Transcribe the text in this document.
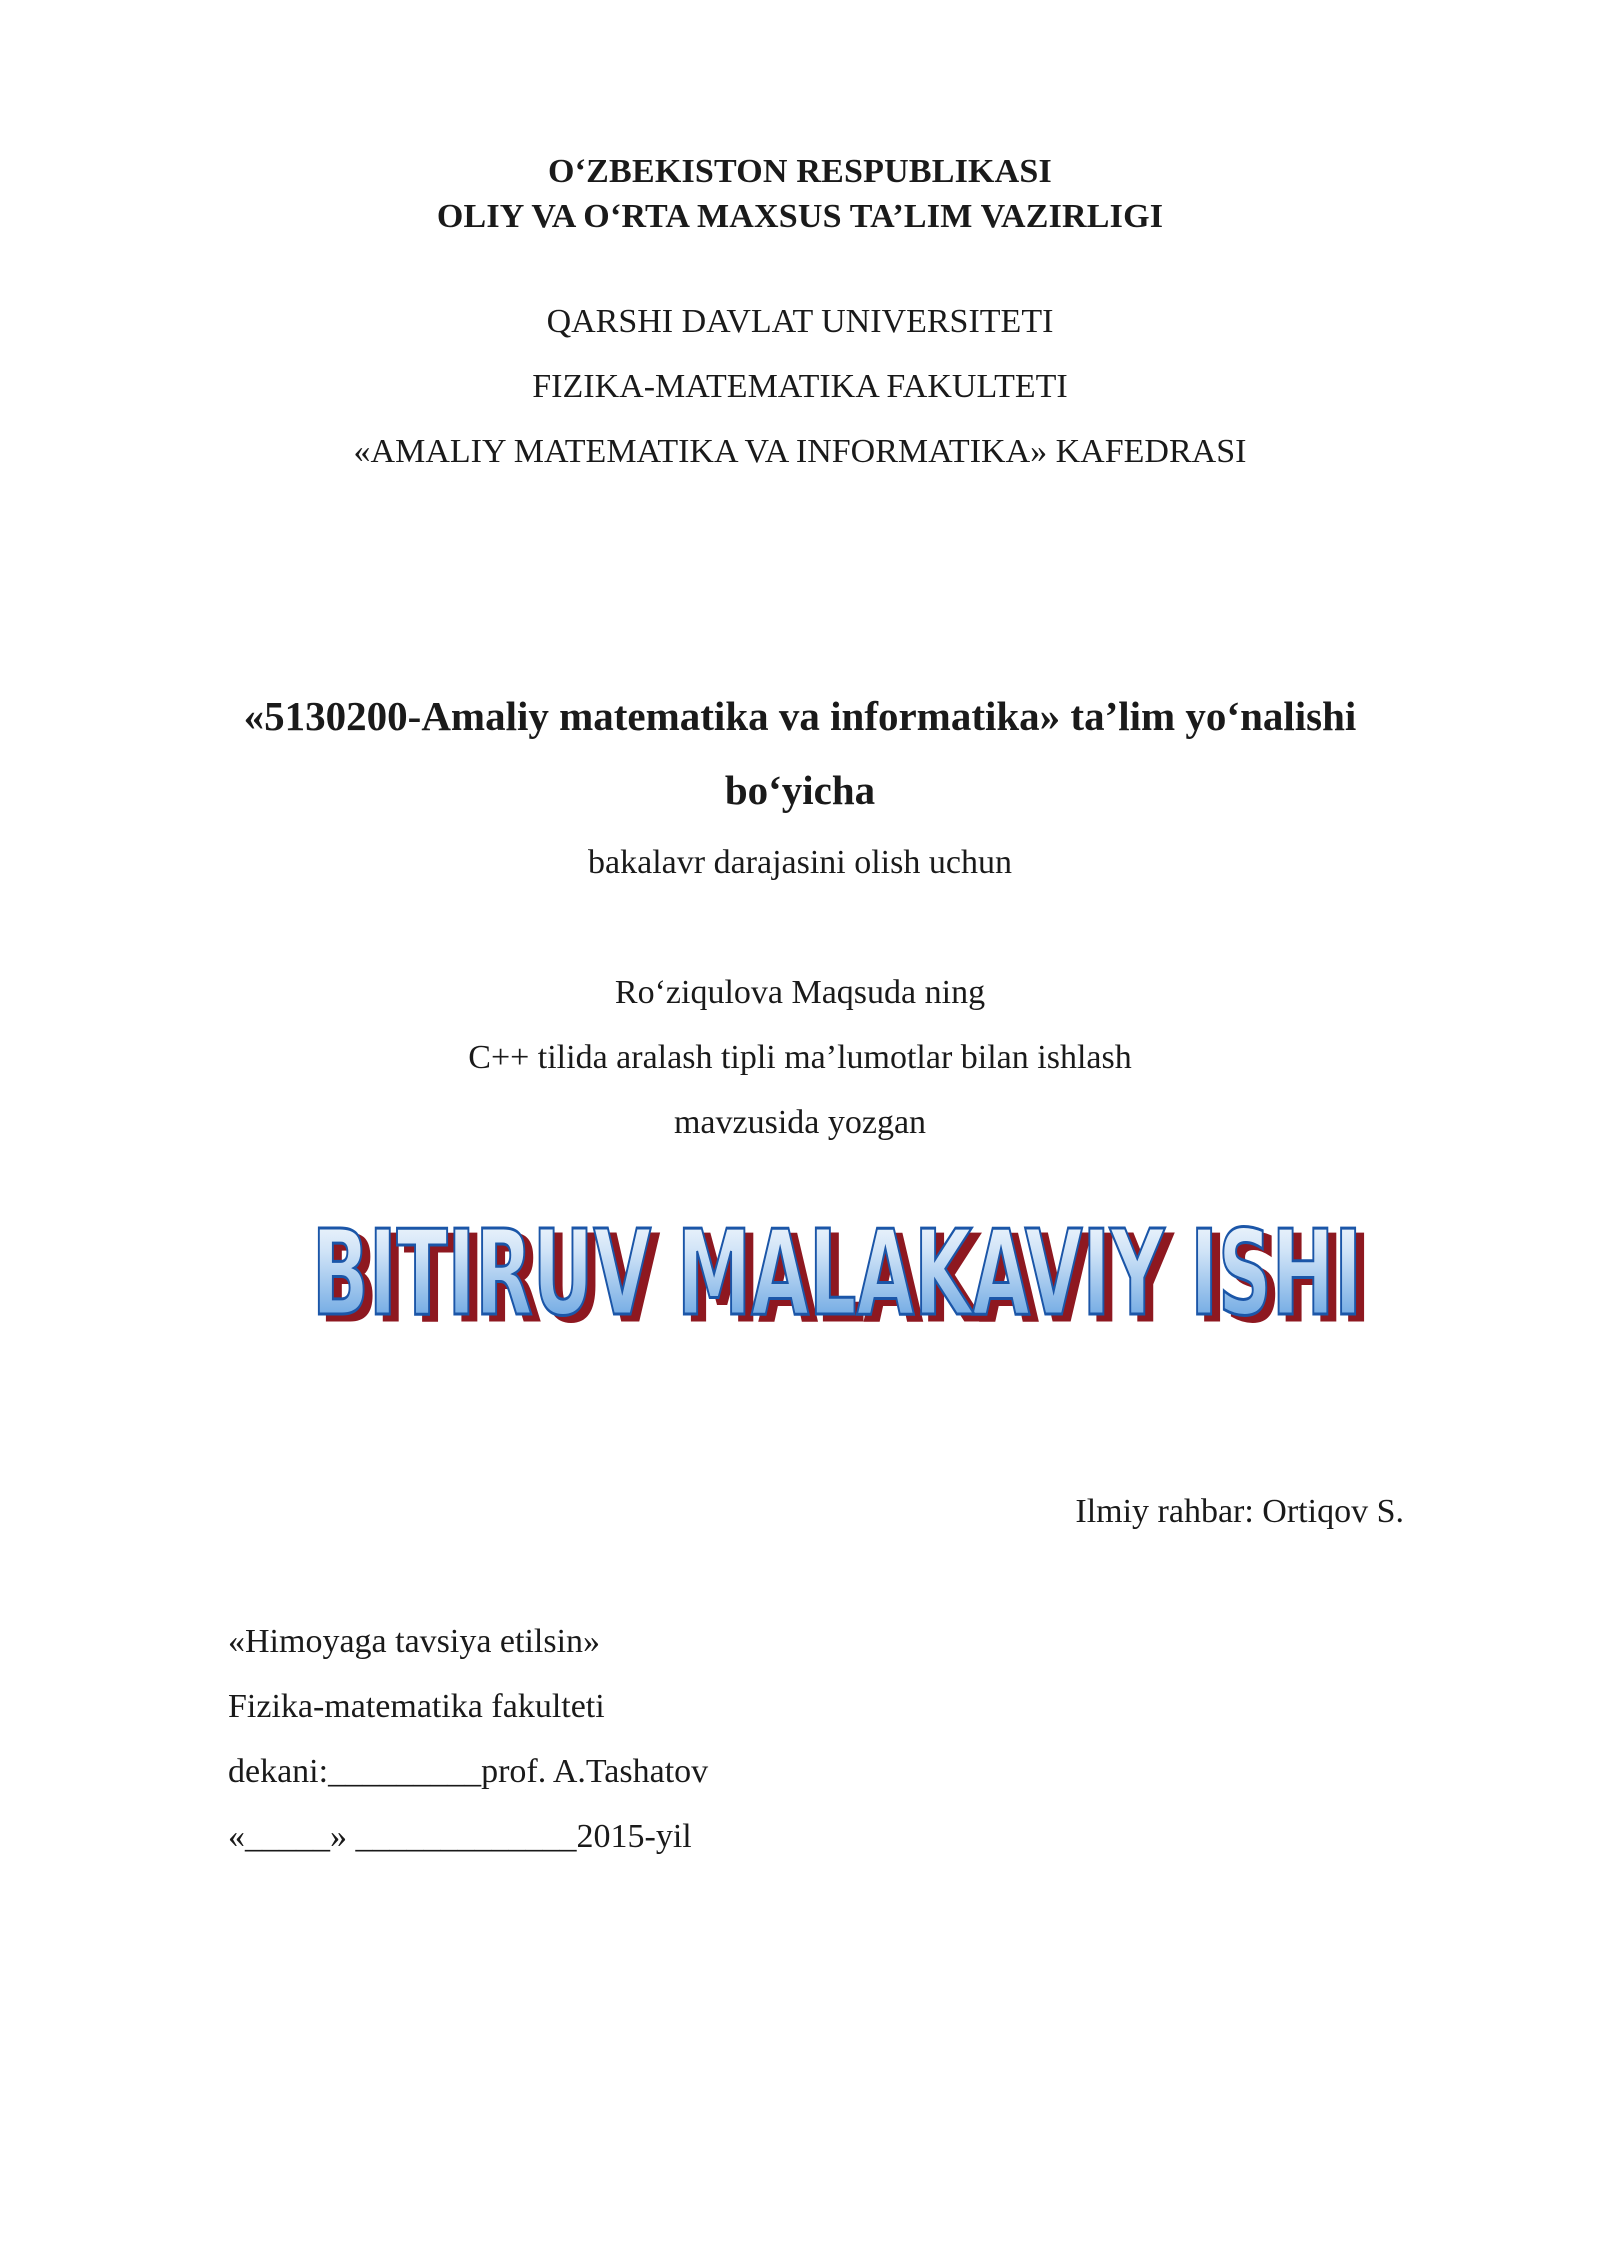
O‘ZBEKISTON RESPUBLIKASI
OLIY VA O‘RTA MAXSUS TA’LIM VAZIRLIGI
QARSHI DAVLAT UNIVERSITETI
FIZIKA-MATEMATIKA FAKULTETI
«AMALIY MATEMATIKA VA INFORMATIKA» KAFEDRASI
«5130200-Amaliy matematika va informatika» ta’lim yo‘nalishi
bo‘yicha
bakalavr darajasini olish uchun
Ro‘ziqulova Maqsuda ning
C++ tilida aralash tipli ma’lumotlar bilan ishlash
mavzusida yozgan
BITIRUV MALAKAVIY ISHI
BITIRUV MALAKAVIY ISHI
Ilmiy rahbar: Ortiqov S.
«Himoyaga tavsiya etilsin»
Fizika-matematika fakulteti
dekani:_________prof. A.Tashatov
«_____» _____________2015-yil
